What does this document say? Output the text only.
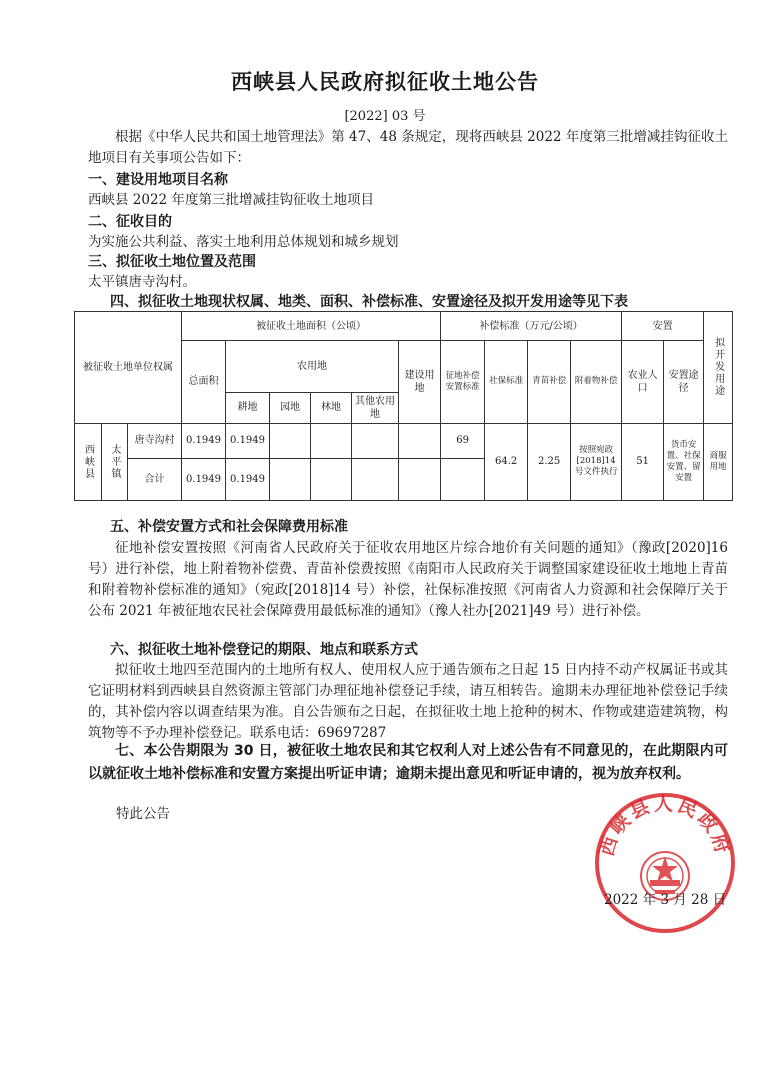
西峡县人民政府拟征收土地公告
[2022] 03 号
根据《中华人民共和国土地管理法》第 47、48 条规定，现将西峡县 2022 年度第三批增减挂钩征收土地项目有关事项公告如下：
一、建设用地项目名称
西峡县 2022 年度第三批增减挂钩征收土地项目
二、征收目的
为实施公共利益、落实土地利用总体规划和城乡规划
三、拟征收土地位置及范围
太平镇唐寺沟村。
四、拟征收土地现状权属、地类、面积、补偿标准、安置途径及拟开发用途等见下表
被征收土地单位权属			被征收土地面积（公顷）						补偿标准（万元/公顷）				安置		拟开发用途

			总面积	农用地				建设用地	征地补偿安置标准	社保标准	青苗补偿	附着物补偿	农业人口	安置途径	
				耕地	园地	林地	其他农用地								

西峡县	太平镇	唐寺沟村	0.1949	0.1949					69	64.2	2.25	按照宛政[2018]14号文件执行	51	货币安置、社保安置、留安置	商服用地
		合计	0.1949	0.1949											
五、补偿安置方式和社会保障费用标准
征地补偿安置按照《河南省人民政府关于征收农用地区片综合地价有关问题的通知》（豫政[2020]16 号）进行补偿，地上附着物补偿费、青苗补偿费按照《南阳市人民政府关于调整国家建设征收土地地上青苗和附着物补偿标准的通知》（宛政[2018]14 号）补偿，社保标准按照《河南省人力资源和社会保障厅关于公布 2021 年被征地农民社会保障费用最低标准的通知》（豫人社办[2021]49 号）进行补偿。
六、拟征收土地补偿登记的期限、地点和联系方式
拟征收土地四至范围内的土地所有权人、使用权人应于通告颁布之日起 15 日内持不动产权属证书或其它证明材料到西峡县自然资源主管部门办理征地补偿登记手续，请互相转告。逾期未办理征地补偿登记手续的，其补偿内容以调查结果为准。自公告颁布之日起，在拟征收土地上抢种的树木、作物或建造建筑物，构筑物等不予办理补偿登记。联系电话：69697287
七、本公告期限为 30 日，被征收土地农民和其它权利人对上述公告有不同意见的，在此期限内可以就征收土地补偿标准和安置方案提出听证申请；逾期未提出意见和听证申请的，视为放弃权利。
特此公告
西峡县人民政府
2022 年 3 月 28 日
